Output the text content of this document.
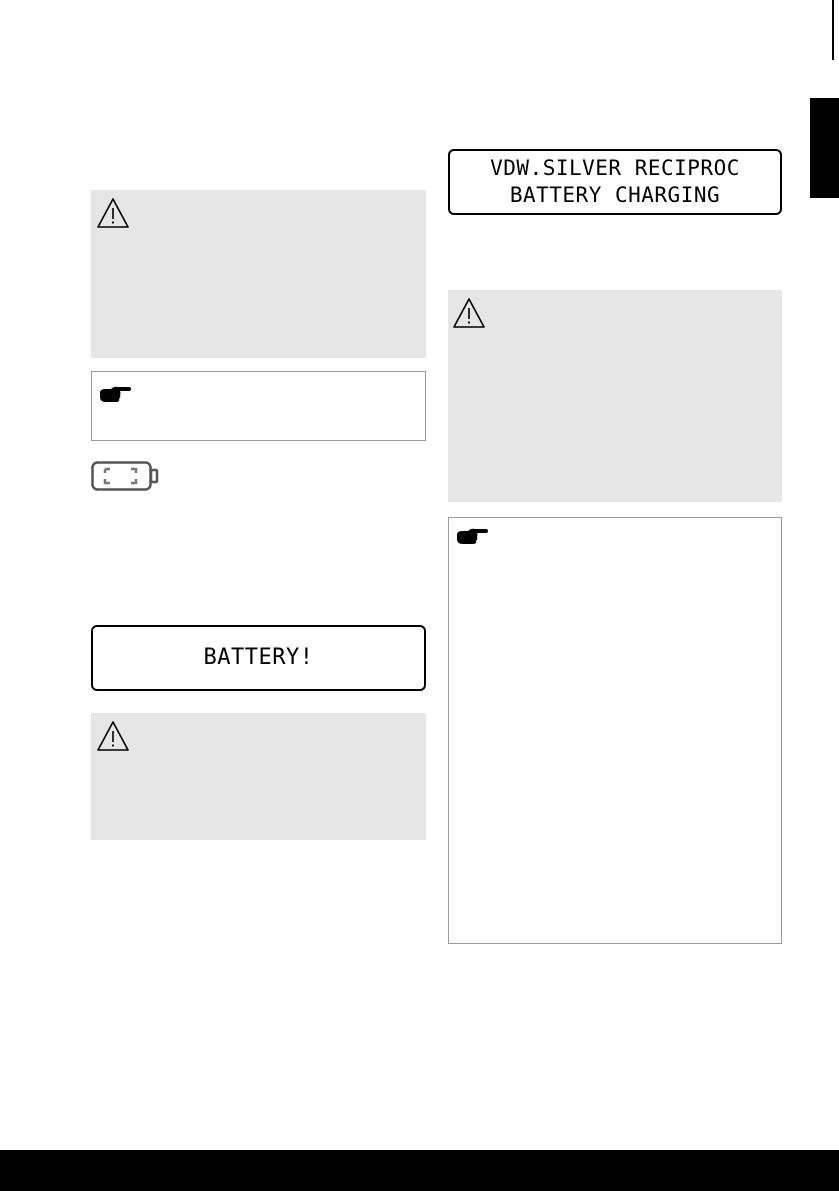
BATTERY!
VDW.SILVER RECIPROC
BATTERY CHARGING
